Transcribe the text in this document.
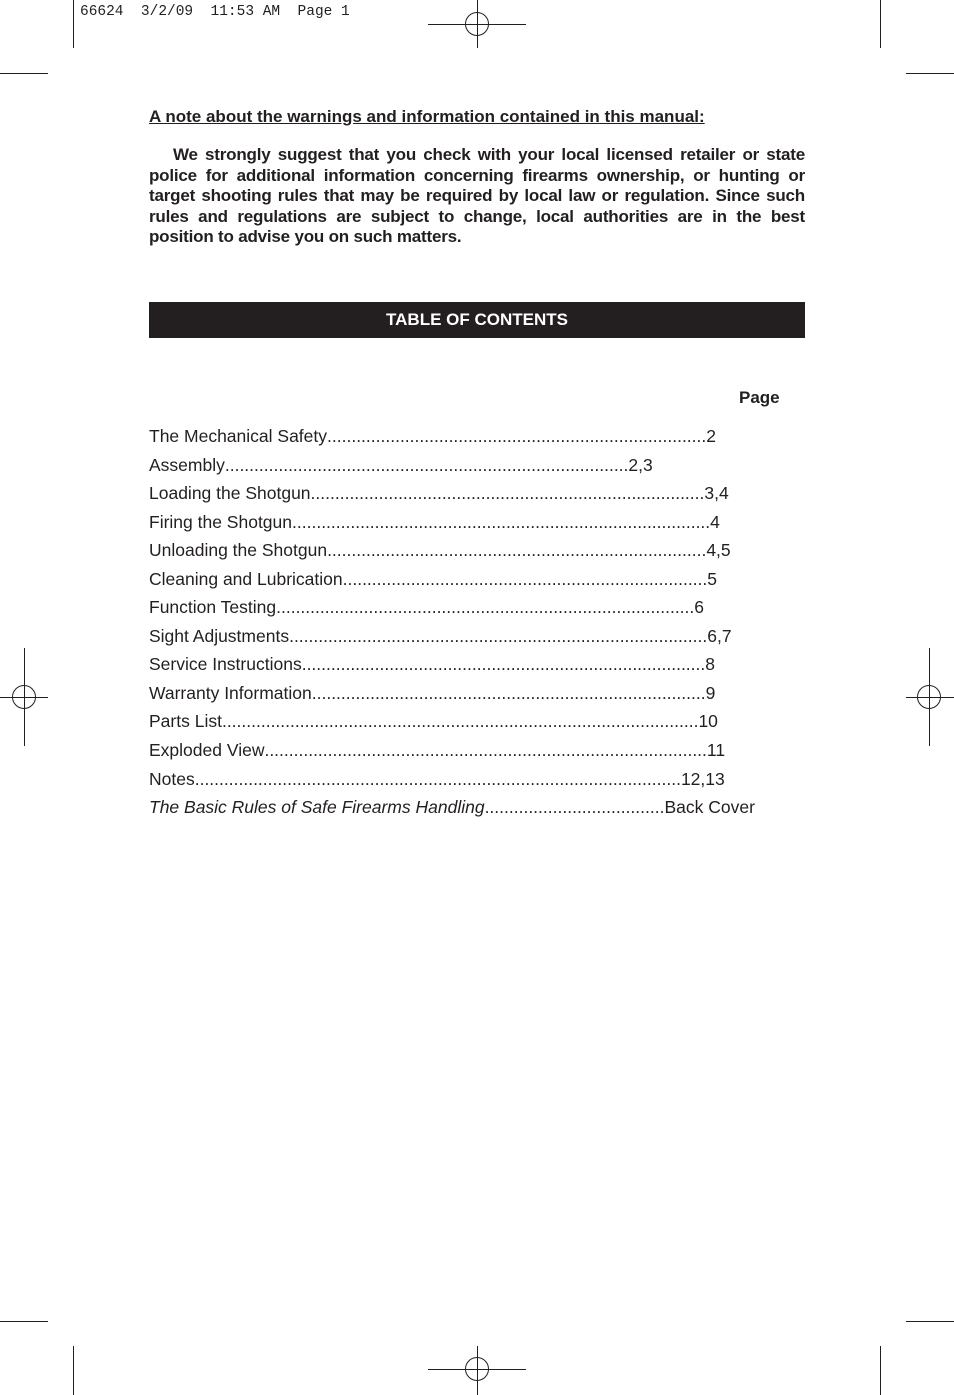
66624  3/2/09  11:53 AM  Page 1
A note about the warnings and information contained in this manual:

We strongly suggest that you check with your local licensed retailer or state police for additional information concerning firearms ownership, or hunting or target shooting rules that may be required by local law or regulation. Since such rules and regulations are subject to change, local authorities are in the best position to advise you on such matters.

TABLE OF CONTENTS
Page
The Mechanical Safety .............................................................................. 2
Assembly ................................................................................... 2,3
Loading the Shotgun ................................................................................. 3,4
Firing the Shotgun ...................................................................................... 4
Unloading the Shotgun .............................................................................. 4,5
Cleaning and Lubrication ........................................................................... 5
Function Testing ...................................................................................... 6
Sight Adjustments ...................................................................................... 6,7
Service Instructions ................................................................................... 8
Warranty Information ................................................................................. 9
Parts List .................................................................................................. 10
Exploded View ........................................................................................... 11
Notes .................................................................................................... 12,13
The Basic Rules of Safe Firearms Handling ..................................... Back Cover
